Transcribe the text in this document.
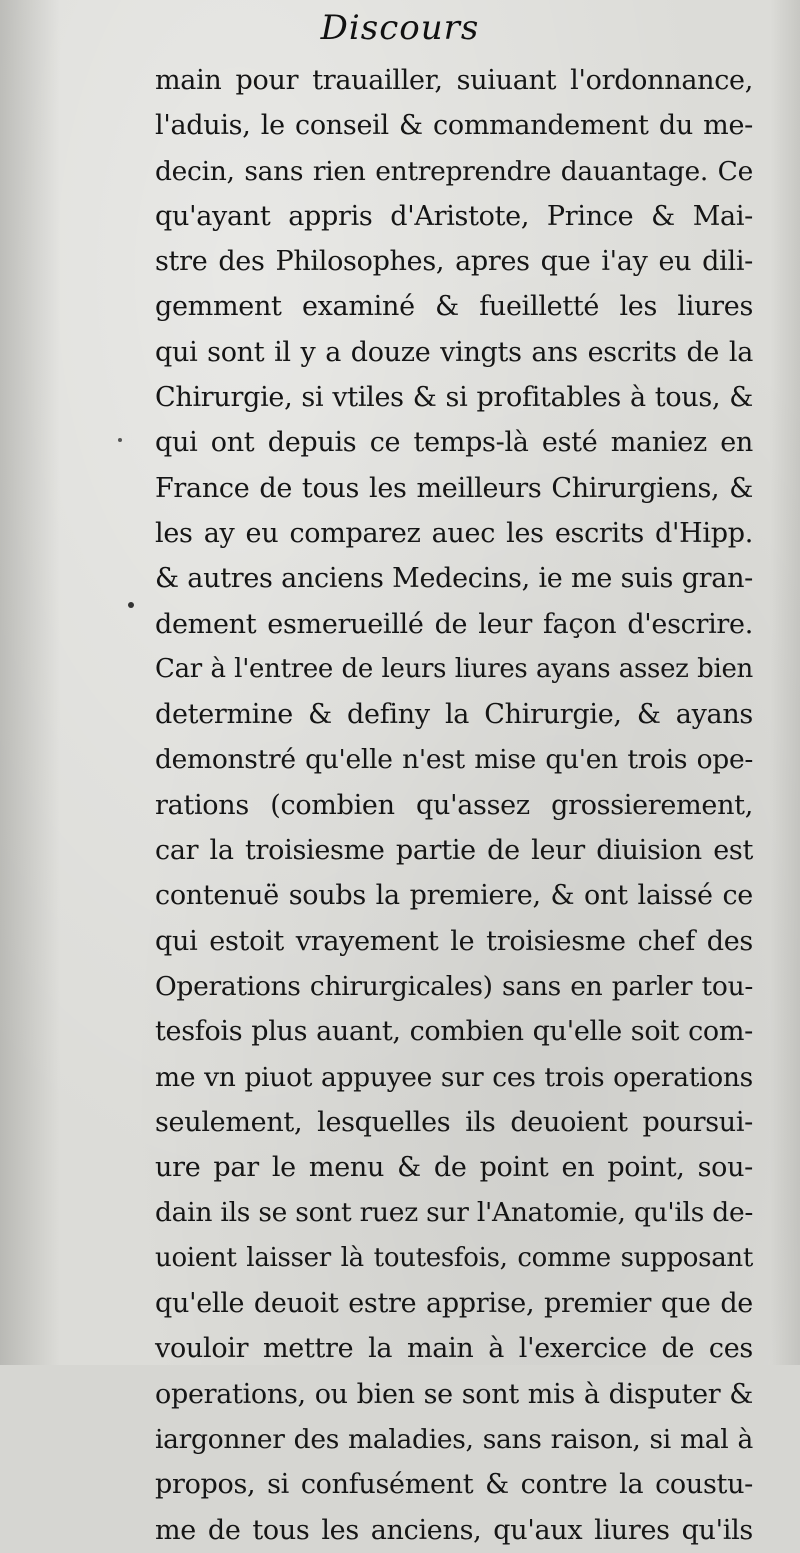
Discours
main pour trauailler, suiuant l'ordonnance,
l'aduis, le conseil & commandement du me-
decin, sans rien entreprendre dauantage. Ce
qu'ayant appris d'Aristote, Prince & Mai-
stre des Philosophes, apres que i'ay eu dili-
gemment examiné & fueilletté les liures
qui sont il y a douze vingts ans escrits de la
Chirurgie, si vtiles & si profitables à tous, &
qui ont depuis ce temps-là esté maniez en
France de tous les meilleurs Chirurgiens, &
les ay eu comparez auec les escrits d'Hipp.
& autres anciens Medecins, ie me suis gran-
dement esmerueillé de leur façon d'escrire.
Car à l'entree de leurs liures ayans assez bien
determine & definy la Chirurgie, & ayans
demonstré qu'elle n'est mise qu'en trois ope-
rations (combien qu'assez grossierement,
car la troisiesme partie de leur diuision est
contenuë soubs la premiere, & ont laissé ce
qui estoit vrayement le troisiesme chef des
Operations chirurgicales) sans en parler tou-
tesfois plus auant, combien qu'elle soit com-
me vn piuot appuyee sur ces trois operations
seulement, lesquelles ils deuoient poursui-
ure par le menu & de point en point, sou-
dain ils se sont ruez sur l'Anatomie, qu'ils de-
uoient laisser là toutesfois, comme supposant
qu'elle deuoit estre apprise, premier que de
vouloir mettre la main à l'exercice de ces
operations, ou bien se sont mis à disputer &
iargonner des maladies, sans raison, si mal à
propos, si confusément & contre la coustu-
me de tous les anciens, qu'aux liures qu'ils
